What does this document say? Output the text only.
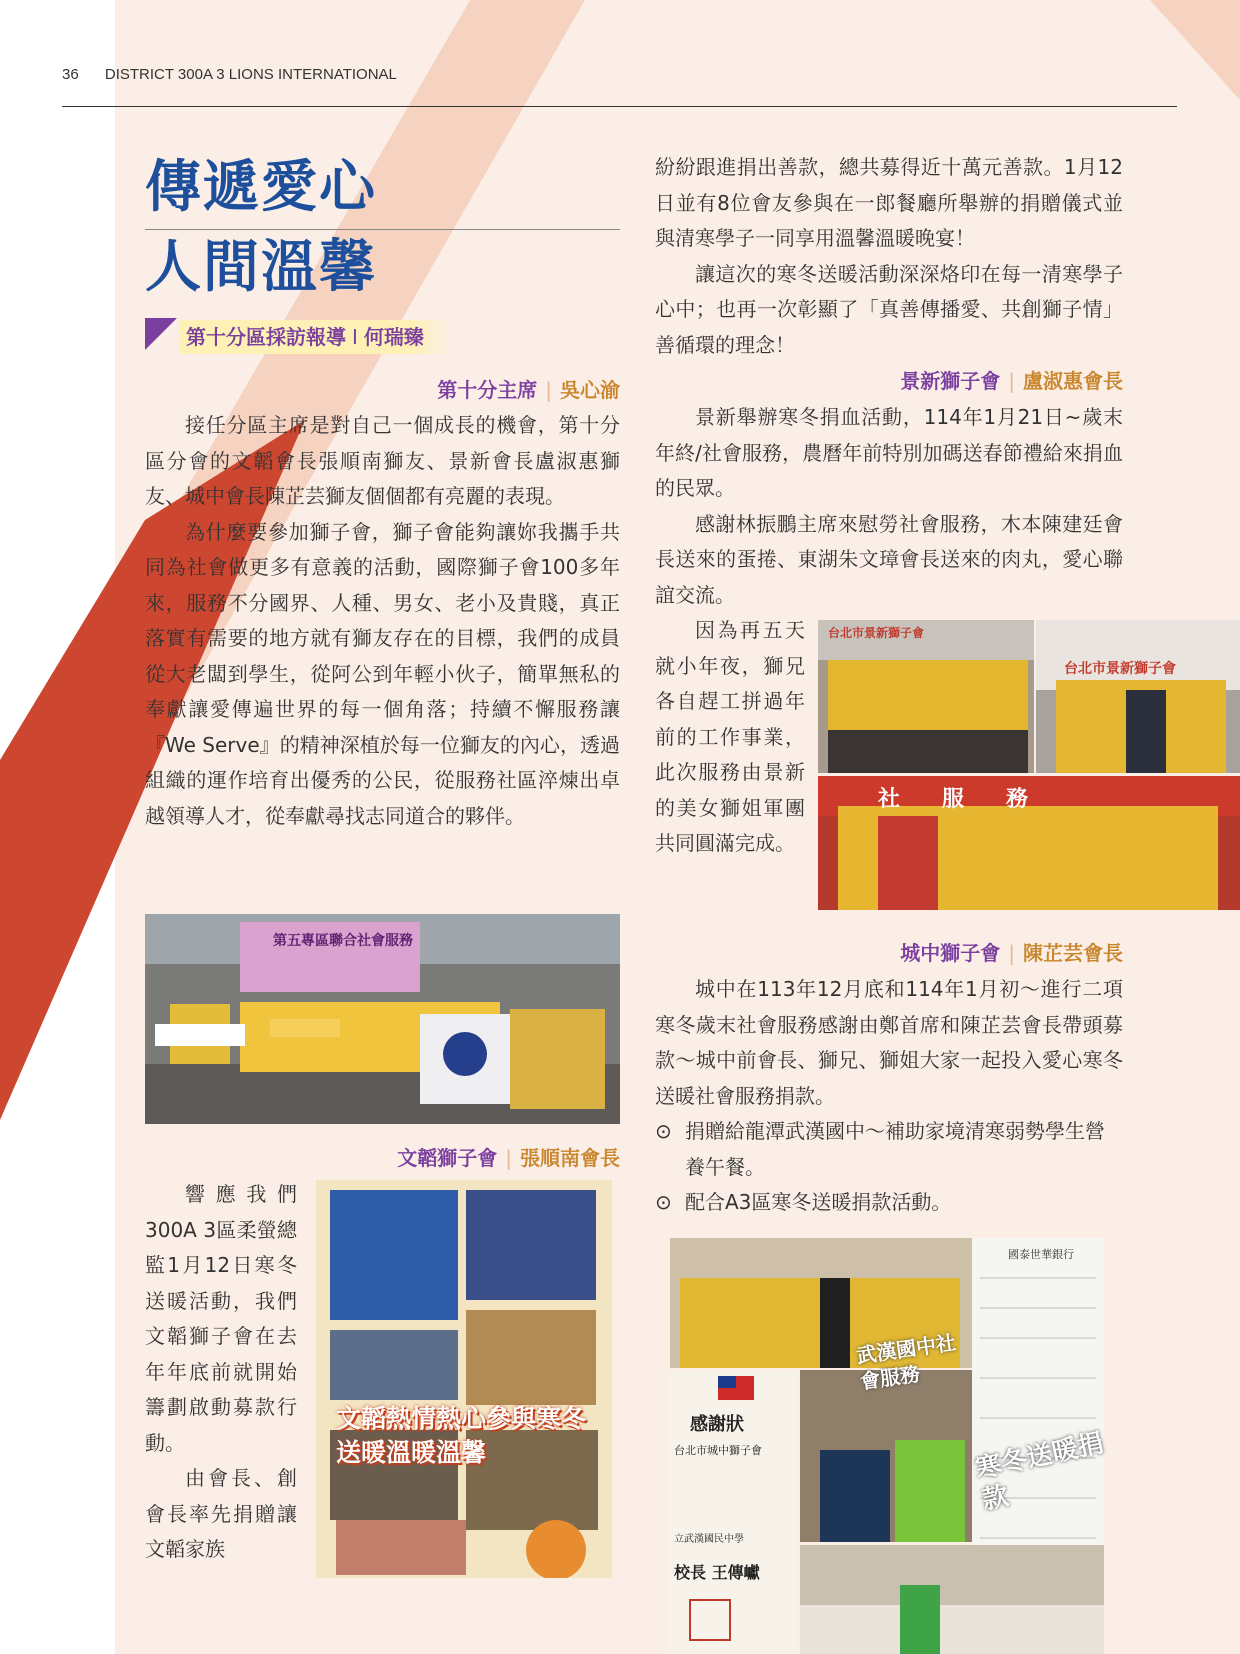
36 DISTRICT 300A 3 LIONS INTERNATIONAL
傳遞愛心
人間溫馨
第十分區採訪報導 I 何瑞臻
第十分主席 | 吳心渝

接任分區主席是對自己一個成長的機會，第十分區分會的文韜會長張順南獅友、景新會長盧淑惠獅友、城中會長陳芷芸獅友個個都有亮麗的表現。

為什麼要參加獅子會，獅子會能夠讓妳我攜手共同為社會做更多有意義的活動，國際獅子會100多年來，服務不分國界、人種、男女、老小及貴賤，真正落實有需要的地方就有獅友存在的目標，我們的成員從大老闆到學生，從阿公到年輕小伙子，簡單無私的奉獻讓愛傳遍世界的每一個角落；持續不懈服務讓『We Serve』的精神深植於每一位獅友的內心，透過組織的運作培育出優秀的公民，從服務社區淬煉出卓越領導人才，從奉獻尋找志同道合的夥伴。

第五專區聯合社會服務
文韜獅子會 | 張順南會長

響應我們300A 3區柔螢總監1月12日寒冬送暖活動，我們文韜獅子會在去年年底前就開始籌劃啟動募款行動。

由會長、創會長率先捐贈讓文韜家族

文韜熱情熱心參與寒冬送暖溫暖溫馨

紛紛跟進捐出善款，總共募得近十萬元善款。1月12日並有8位會友參與在一郎餐廳所舉辦的捐贈儀式並與清寒學子一同享用溫馨溫暖晚宴！

讓這次的寒冬送暖活動深深烙印在每一清寒學子心中；也再一次彰顯了「真善傳播愛、共創獅子情」善循環的理念！

景新獅子會 | 盧淑惠會長

景新舉辦寒冬捐血活動，114年1月21日~歲末年終/社會服務，農曆年前特別加碼送春節禮給來捐血的民眾。

感謝林振鵬主席來慰勞社會服務，木本陳建廷會長送來的蛋捲、東湖朱文璋會長送來的肉丸，愛心聯誼交流。

因為再五天就小年夜，獅兄各自趕工拼過年前的工作事業，此次服務由景新的美女獅姐軍團共同圓滿完成。

台北市景新獅子會
台北市景新獅子會
社　服　務
城中獅子會 | 陳芷芸會長

城中在113年12月底和114年1月初～進行二項寒冬歲末社會服務感謝由鄭首席和陳芷芸會長帶頭募款～城中前會長、獅兄、獅姐大家一起投入愛心寒冬送暖社會服務捐款。

⊙ 捐贈給龍潭武漢國中～補助家境清寒弱勢學生營養午餐。

⊙ 配合A3區寒冬送暖捐款活動。

國泰世華銀行
感謝狀
台北市城中獅子會
立武漢國民中學
校長 王傳巘
武漢國中社會服務
寒冬送暖捐款
